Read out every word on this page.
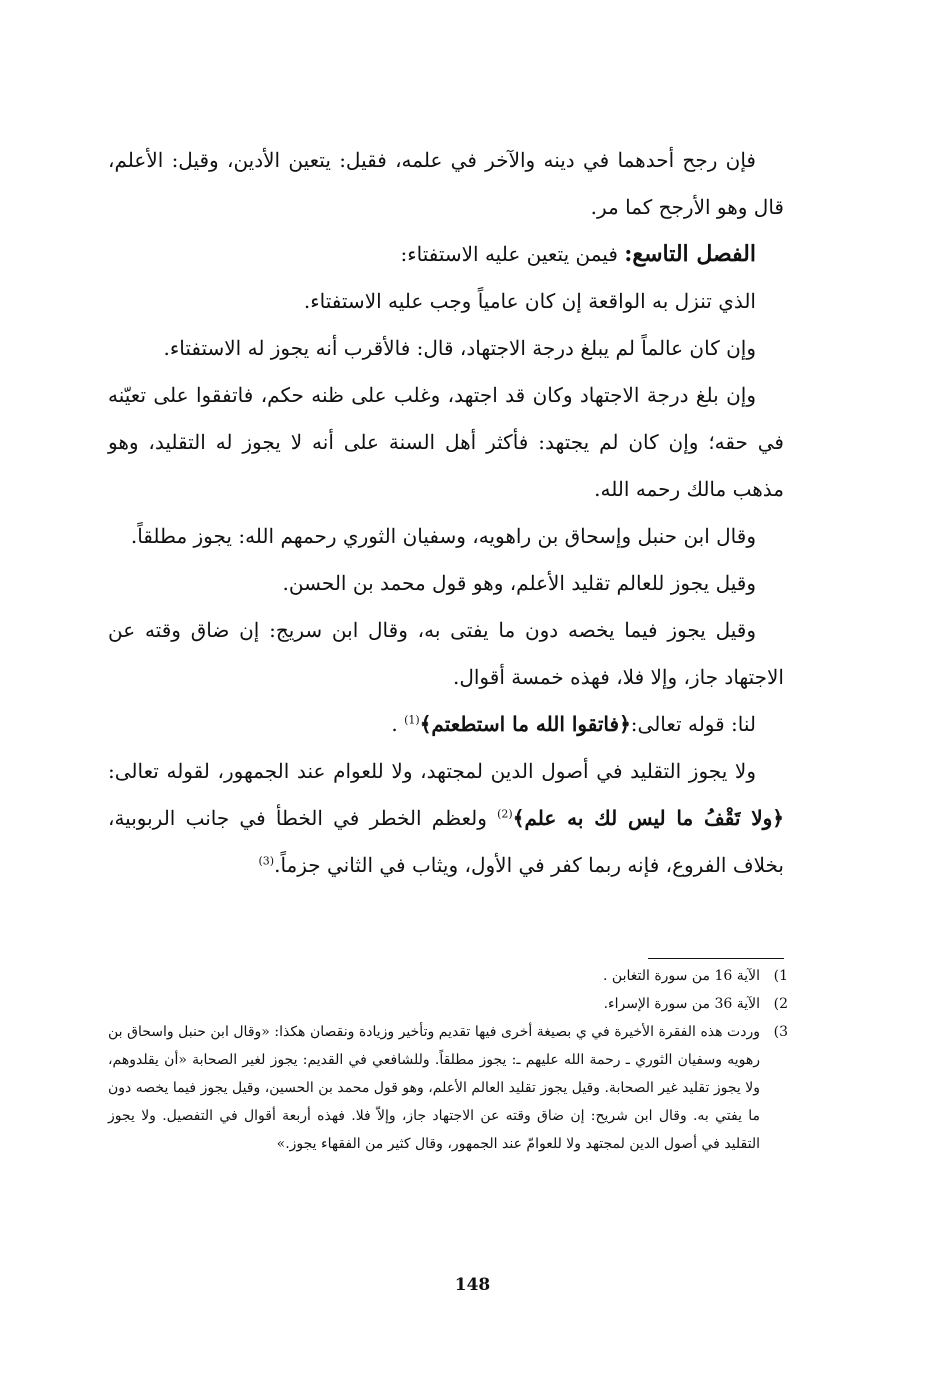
فإن رجح أحدهما في دينه والآخر في علمه، فقيل: يتعين الأدين، وقيل: الأعلم، قال وهو الأرجح كما مر.

الفصل التاسع: فيمن يتعين عليه الاستفتاء:

الذي تنزل به الواقعة إن كان عامياً وجب عليه الاستفتاء.

وإن كان عالماً لم يبلغ درجة الاجتهاد، قال: فالأقرب أنه يجوز له الاستفتاء.

وإن بلغ درجة الاجتهاد وكان قد اجتهد، وغلب على ظنه حكم، فاتفقوا على تعيّنه في حقه؛ وإن كان لم يجتهد: فأكثر أهل السنة على أنه لا يجوز له التقليد، وهو مذهب مالك رحمه الله.

وقال ابن حنبل وإسحاق بن راهويه، وسفيان الثوري رحمهم الله: يجوز مطلقاً.

وقيل يجوز للعالم تقليد الأعلم، وهو قول محمد بن الحسن.

وقيل يجوز فيما يخصه دون ما يفتى به، وقال ابن سريج: إن ضاق وقته عن الاجتهاد جاز، وإلا فلا، فهذه خمسة أقوال.

لنا: قوله تعالى:﴿فاتقوا الله ما استطعتم﴾$^{(1)}$ .

ولا يجوز التقليد في أصول الدين لمجتهد، ولا للعوام عند الجمهور، لقوله تعالى: ﴿ولا تَقْفُ ما ليس لك به علم﴾$^{(2)}$ ولعظم الخطر في الخطأ في جانب الربوبية، بخلاف الفروع، فإنه ربما كفر في الأول، ويثاب في الثاني جزماً.$^{(3)}$

1)
الآية 16 من سورة التغابن .
2)
الآية 36 من سورة الإسراء.
3)
وردت هذه الفقرة الأخيرة في ي بصيغة أخرى فيها تقديم وتأخير وزيادة ونقصان هكذا: «وقال ابن حنبل واسحاق بن رهويه وسفيان الثوري ـ رحمة الله عليهم ـ: يجوز مطلقاً. وللشافعي في القديم: يجوز لغير الصحابة «أن يقلدوهم، ولا يجوز تقليد غير الصحابة. وقيل يجوز تقليد العالم الأعلم، وهو قول محمد بن الحسين، وقيل يجوز فيما يخصه دون ما يفتي به. وقال ابن شريح: إن ضاق وقته عن الاجتهاد جاز، وإلاّ فلا. فهذه أربعة أقوال في التفصيل. ولا يجوز التقليد في أصول الدين لمجتهد ولا للعوامّ عند الجمهور، وقال كثير من الفقهاء يجوز.»
148
